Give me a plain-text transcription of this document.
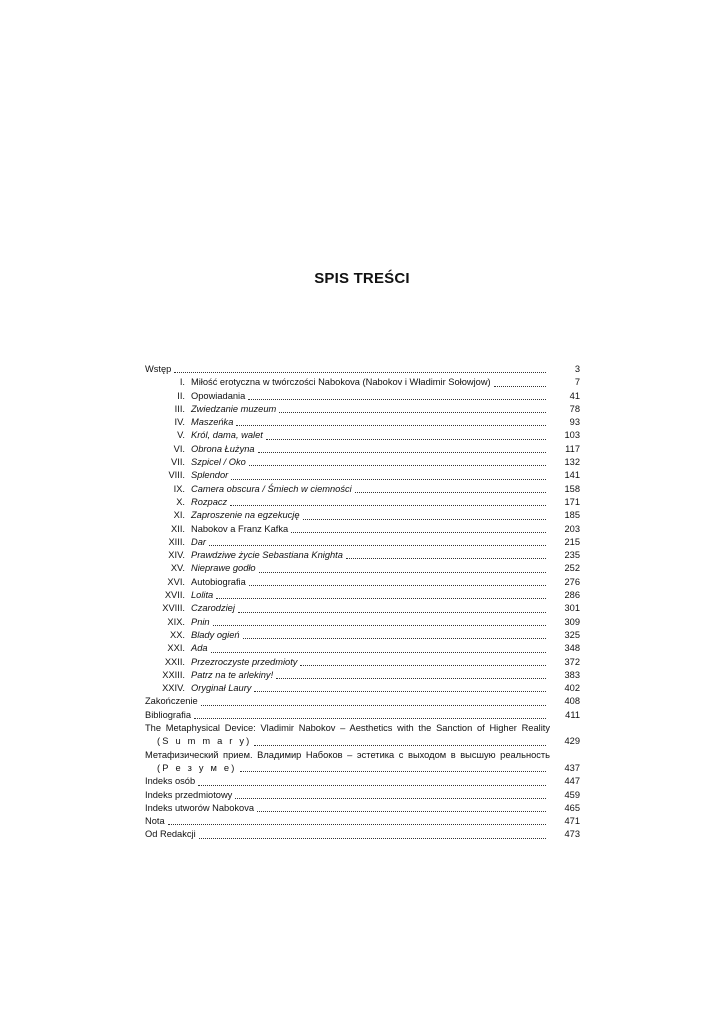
SPIS TREŚCI
Wstęp	3
I. Miłość erotyczna w twórczości Nabokova (Nabokov i Władimir Sołowjow)	7
II. Opowiadania	41
III. Zwiedzanie muzeum	78
IV. Maszeńka	93
V. Król, dama, walet	103
VI. Obrona Łużyna	117
VII. Szpicel / Oko	132
VIII. Splendor	141
IX. Camera obscura / Śmiech w ciemności	158
X. Rozpacz	171
XI. Zaproszenie na egzekucję	185
XII. Nabokov a Franz Kafka	203
XIII. Dar	215
XIV. Prawdziwe życie Sebastiana Knighta	235
XV. Nieprawe godło	252
XVI. Autobiografia	276
XVII. Lolita	286
XVIII. Czarodziej	301
XIX. Pnin	309
XX. Blady ogień	325
XXI. Ada	348
XXII. Przezroczyste przedmioty	372
XXIII. Patrz na te arlekiny!	383
XXIV. Oryginał Laury	402
Zakończenie	408
Bibliografia	411
The Metaphysical Device: Vladimir Nabokov – Aesthetics with the Sanction of Higher Reality
(S u m m a r y)	429
Метафизический прием. Владимир Набоков – эстетика с выходом в высшую реальность
(Р е з у м е)	437
Indeks osób	447
Indeks przedmiotowy	459
Indeks utworów Nabokova	465
Nota	471
Od Redakcji	473
